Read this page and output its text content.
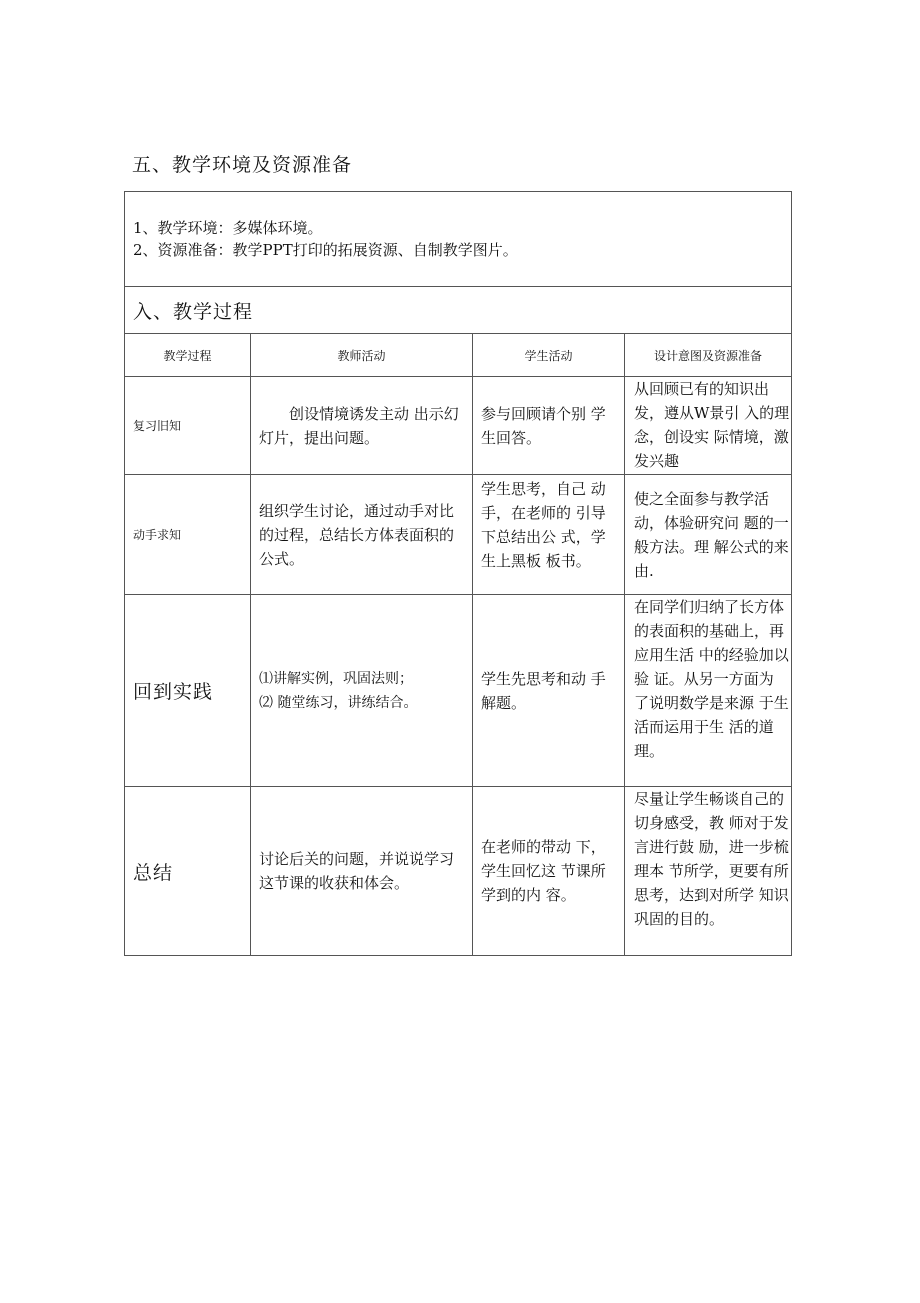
五、教学环境及资源准备
1、教学环境：多媒体环境。
2、资源准备：教学PPT打印的拓展资源、自制教学图片。			

入、教学过程			
教学过程	教师活动	学生活动	设计意图及资源准备
复习旧知	创设情境诱发主动 出示幻灯片，提出问题。	参与回顾请个别 学生回答。	从回顾已有的知识出发，遵从W景引 入的理念，创设实 际情境，激发兴趣
动手求知	组织学生讨论，通过动手对比的过程，总结长方体表面积的公式。	学生思考，自己 动手，在老师的 引导下总结出公 式，学生上黑板 板书。	使之全面参与教学活动，体验研究问 题的一般方法。理 解公式的来由.
回到实践	⑴讲解实例，巩固法则；
⑵ 随堂练习，讲练结合。	学生先思考和动 手解题。	在同学们归纳了长方体的表面积的基础上，再应用生活 中的经验加以验 证。从另一方面为 了说明数学是来源 于生活而运用于生 活的道理。
总结	讨论后关的问题，并说说学习这节课的收获和体会。	在老师的带动 下，学生回忆这 节课所学到的内 容。	尽量让学生畅谈自己的切身感受，教 师对于发言进行鼓 励，进一步梳理本 节所学，更要有所 思考，达到对所学 知识巩固的目的。
